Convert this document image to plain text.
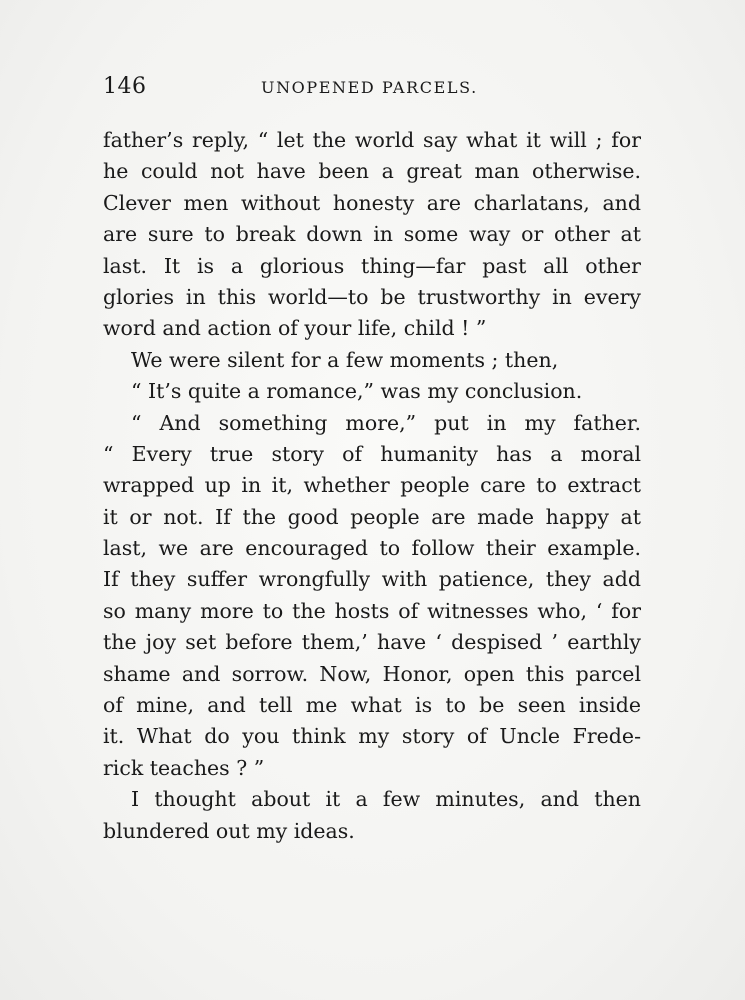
146	UNOPENED PARCELS.
father’s reply, “ let the world say what it will ; for
he could not have been a great man otherwise.
Clever men without honesty are charlatans, and
are sure to break down in some way or other at
last. It is a glorious thing—far past all other
glories in this world—to be trustworthy in every
word and action of your life, child ! ”
We were silent for a few moments ; then,
“ It’s quite a romance,” was my conclusion.
“ And something more,” put in my father.
“ Every true story of humanity has a moral
wrapped up in it, whether people care to extract
it or not. If the good people are made happy at
last, we are encouraged to follow their example.
If they suffer wrongfully with patience, they add
so many more to the hosts of witnesses who, ‘ for
the joy set before them,’ have ‘ despised ’ earthly
shame and sorrow. Now, Honor, open this parcel
of mine, and tell me what is to be seen inside
it. What do you think my story of Uncle Frede-
rick teaches ? ”
I thought about it a few minutes, and then
blundered out my ideas.
